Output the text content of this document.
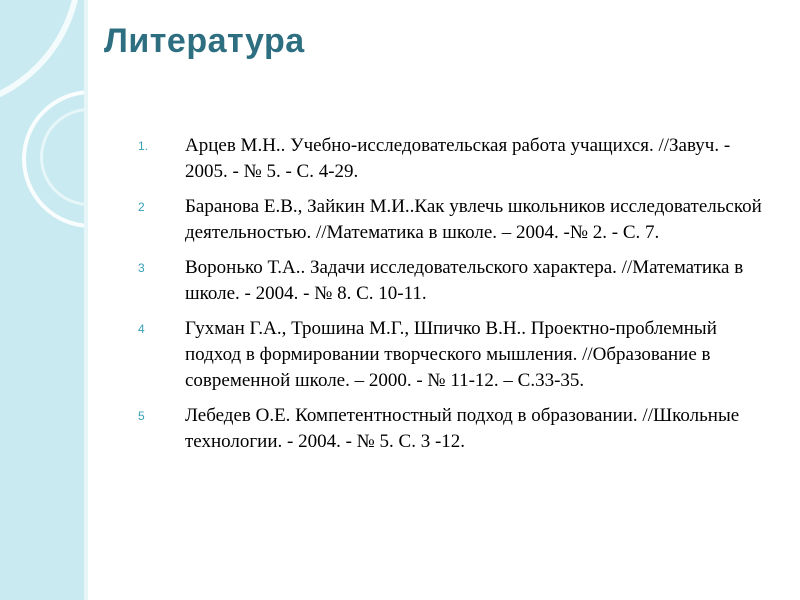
Литература
1.	Арцев М.Н.. Учебно-исследовательская работа учащихся. //Завуч. - 2005. - № 5. - С. 4-29.
2	Баранова Е.В., Зайкин М.И..Как увлечь школьников исследовательской деятельностью. //Математика в школе. – 2004. -№ 2. - С. 7.
3	Воронько Т.А.. Задачи исследовательского характера. //Математика в школе. - 2004. - № 8. С. 10-11.
4	Гухман Г.А., Трошина М.Г., Шпичко В.Н.. Проектно-проблемный подход в формировании творческого мышления. //Образование в современной школе. – 2000. - № 11-12. – С.33-35.
5	Лебедев О.Е. Компетентностный подход в образовании. //Школьные технологии. - 2004. - № 5. С. 3 -12.
